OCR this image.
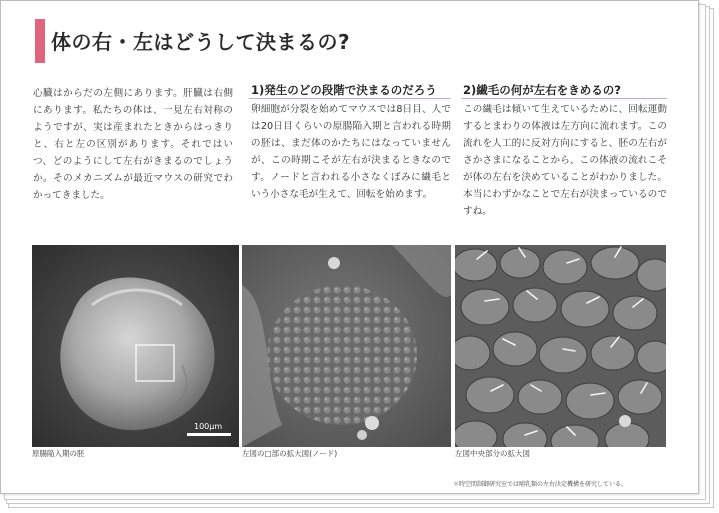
体の右・左はどうして決まるの?
心臓はからだの左側にあります。肝臓は右側にあります。私たちの体は、一見左右対称のようですが、実は産まれたときからはっきりと、右と左の区別があります。それではいつ、どのようにして左右がきまるのでしょうか。そのメカニズムが最近マウスの研究でわかってきました。
1)発生のどの段階で決まるのだろう
卵細胞が分裂を始めてマウスでは8日目、人では20日目くらいの原腸陥入期と言われる時期の胚は、まだ体のかたちにはなっていませんが、この時期こそが左右が決まるときなのです。ノードと言われる小さなくぼみに繊毛という小さな毛が生えて、回転を始めます。
2)繊毛の何が左右をきめるの?
この繊毛は傾いて生えているために、回転運動するとまわりの体液は左方向に流れます。この流れを人工的に反対方向にすると、胚の左右がさかさまになることから、この体液の流れこそが体の左右を決めていることがわかりました。本当にわずかなことで左右が決まっているのですね。
100μm
原腸陥入期の胚	左図の□部の拡大図(ノード)	左図中央部分の拡大図
＊時空間制御研究室では哺乳類の左右決定機構を研究している。
